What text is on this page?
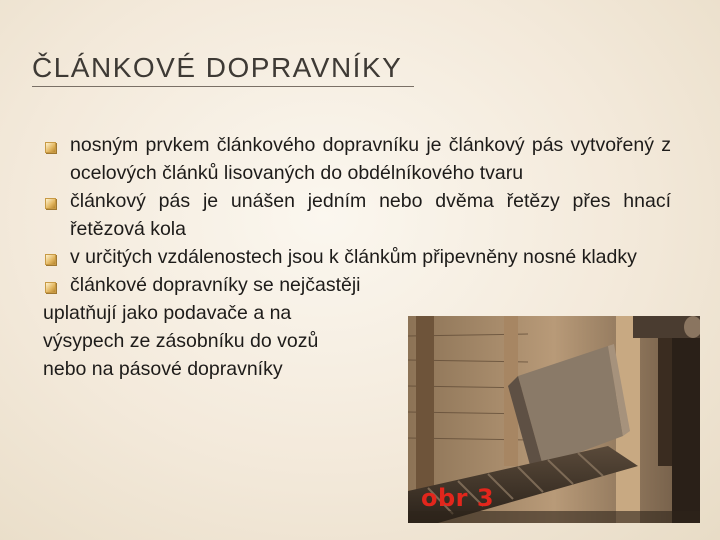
ČLÁNKOVÉ DOPRAVNÍKY
nosným prvkem článkového dopravníku je článkový pás vytvořený z ocelových článků lisovaných do obdélníkového tvaru
článkový pás je unášen jedním nebo dvěma řetězy přes hnací řetězová kola
v určitých vzdálenostech jsou k článkům připevněny nosné kladky
článkové dopravníky se nejčastěji
uplatňují jako podavače a na
výsypech ze zásobníku do vozů
nebo na pásové dopravníky
obr 3
